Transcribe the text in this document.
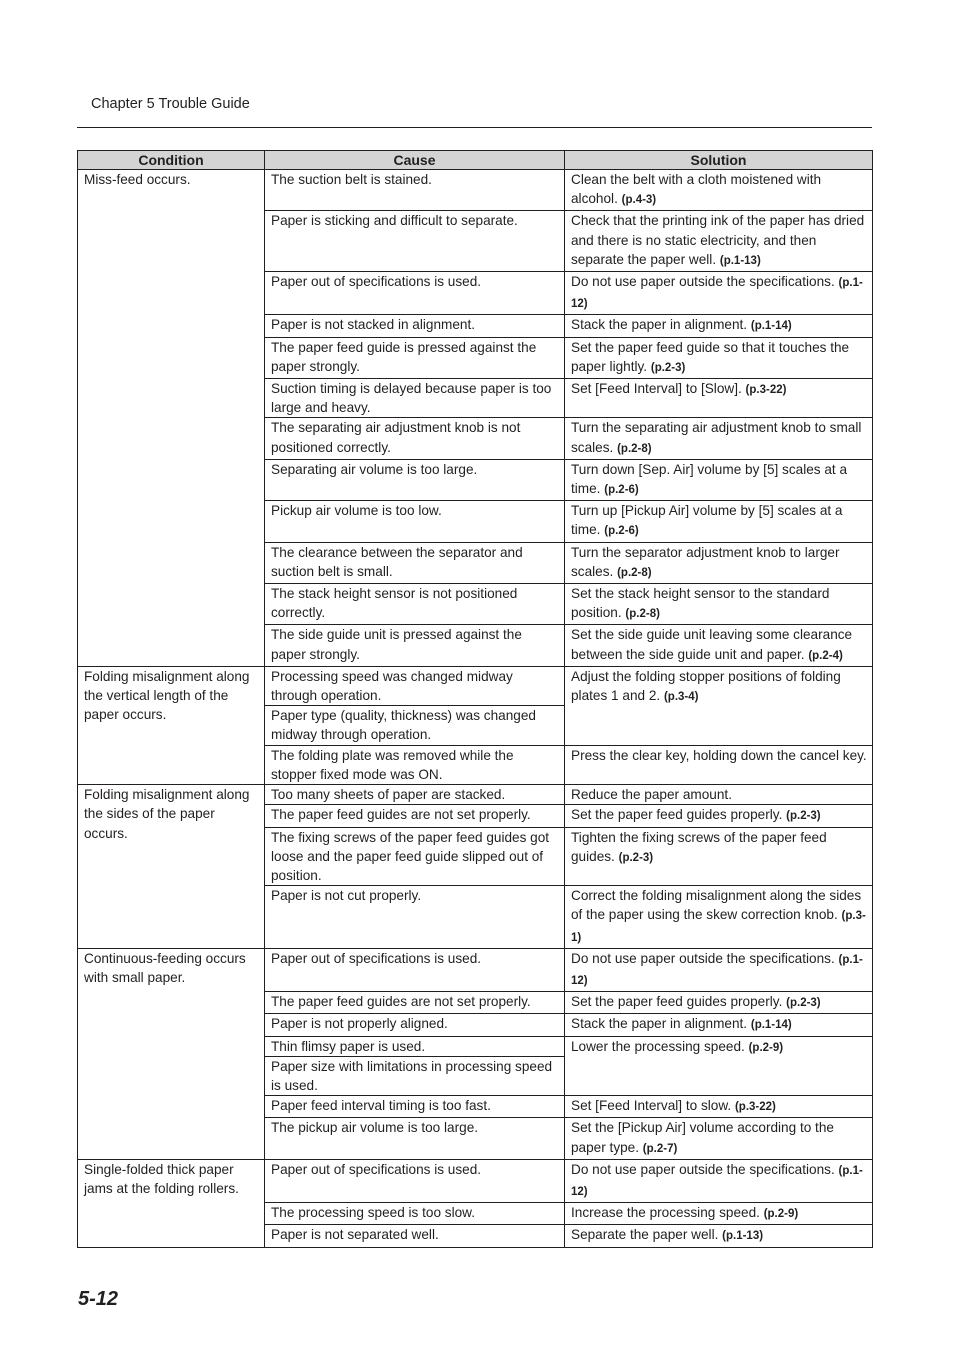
Chapter 5 Trouble Guide
Condition	Cause	Solution
Miss-feed occurs.	The suction belt is stained.	Clean the belt with a cloth moistened with alcohol. (p.4-3)
	Paper is sticking and difficult to separate.	Check that the printing ink of the paper has dried and there is no static electricity, and then separate the paper well. (p.1-13)
	Paper out of specifications is used.	Do not use paper outside the specifications. (p.1-12)
	Paper is not stacked in alignment.	Stack the paper in alignment. (p.1-14)
	The paper feed guide is pressed against the paper strongly.	Set the paper feed guide so that it touches the paper lightly. (p.2-3)
	Suction timing is delayed because paper is too large and heavy.	Set [Feed Interval] to [Slow]. (p.3-22)
	The separating air adjustment knob is not positioned correctly.	Turn the separating air adjustment knob to small scales. (p.2-8)
	Separating air volume is too large.	Turn down [Sep. Air] volume by [5] scales at a time. (p.2-6)
	Pickup air volume is too low.	Turn up [Pickup Air] volume by [5] scales at a time. (p.2-6)
	The clearance between the separator and suction belt is small.	Turn the separator adjustment knob to larger scales. (p.2-8)
	The stack height sensor is not positioned correctly.	Set the stack height sensor to the standard position. (p.2-8)
	The side guide unit is pressed against the paper strongly.	Set the side guide unit leaving some clearance between the side guide unit and paper. (p.2-4)
Folding misalignment along the vertical length of the paper occurs.	Processing speed was changed midway through operation.	Adjust the folding stopper positions of folding plates 1 and 2. (p.3-4)
	Paper type (quality, thickness) was changed midway through operation.	
	The folding plate was removed while the stopper fixed mode was ON.	Press the clear key, holding down the cancel key.
Folding misalignment along the sides of the paper occurs.	Too many sheets of paper are stacked.	Reduce the paper amount.
	The paper feed guides are not set properly.	Set the paper feed guides properly. (p.2-3)
	The fixing screws of the paper feed guides got loose and the paper feed guide slipped out of position.	Tighten the fixing screws of the paper feed guides. (p.2-3)
	Paper is not cut properly.	Correct the folding misalignment along the sides of the paper using the skew correction knob. (p.3-1)
Continuous-feeding occurs with small paper.	Paper out of specifications is used.	Do not use paper outside the specifications. (p.1-12)
	The paper feed guides are not set properly.	Set the paper feed guides properly. (p.2-3)
	Paper is not properly aligned.	Stack the paper in alignment. (p.1-14)
	Thin flimsy paper is used.	Lower the processing speed. (p.2-9)
	Paper size with limitations in processing speed is used.	
	Paper feed interval timing is too fast.	Set [Feed Interval] to slow. (p.3-22)
	The pickup air volume is too large.	Set the [Pickup Air] volume according to the paper type. (p.2-7)
Single-folded thick paper jams at the folding rollers.	Paper out of specifications is used.	Do not use paper outside the specifications. (p.1-12)
	The processing speed is too slow.	Increase the processing speed. (p.2-9)
	Paper is not separated well.	Separate the paper well. (p.1-13)
5-12
